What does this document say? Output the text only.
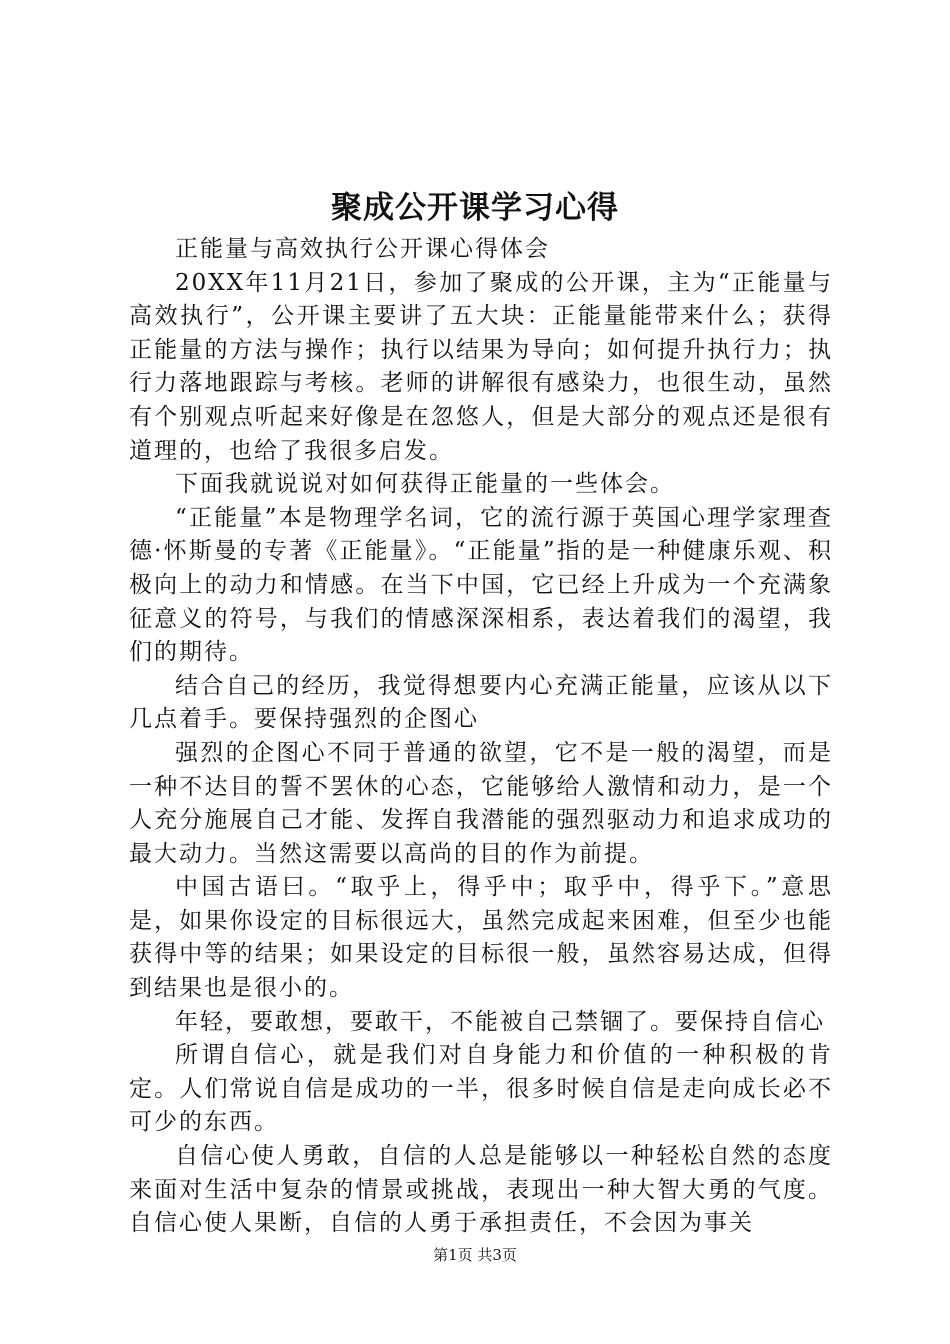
聚成公开课学习心得

正能量与高效执行公开课心得体会

20XX年11月21日，参加了聚成的公开课，主为“正能量与高效执行”，公开课主要讲了五大块：正能量能带来什么；获得正能量的方法与操作；执行以结果为导向；如何提升执行力；执行力落地跟踪与考核。老师的讲解很有感染力，也很生动，虽然有个别观点听起来好像是在忽悠人，但是大部分的观点还是很有道理的，也给了我很多启发。

下面我就说说对如何获得正能量的一些体会。

“正能量”本是物理学名词，它的流行源于英国心理学家理查德·怀斯曼的专著《正能量》。“正能量”指的是一种健康乐观、积极向上的动力和情感。在当下中国，它已经上升成为一个充满象征意义的符号，与我们的情感深深相系，表达着我们的渴望，我们的期待。

结合自己的经历，我觉得想要内心充满正能量，应该从以下几点着手。要保持强烈的企图心

强烈的企图心不同于普通的欲望，它不是一般的渴望，而是一种不达目的誓不罢休的心态，它能够给人激情和动力，是一个人充分施展自己才能、发挥自我潜能的强烈驱动力和追求成功的最大动力。当然这需要以高尚的目的作为前提。

中国古语曰。“取乎上，得乎中；取乎中，得乎下。”意思是，如果你设定的目标很远大，虽然完成起来困难，但至少也能获得中等的结果；如果设定的目标很一般，虽然容易达成，但得到结果也是很小的。

年轻，要敢想，要敢干，不能被自己禁锢了。要保持自信心

所谓自信心，就是我们对自身能力和价值的一种积极的肯定。人们常说自信是成功的一半，很多时候自信是走向成长必不可少的东西。

自信心使人勇敢，自信的人总是能够以一种轻松自然的态度来面对生活中复杂的情景或挑战，表现出一种大智大勇的气度。自信心使人果断，自信的人勇于承担责任，不会因为事关

第1页 共3页
